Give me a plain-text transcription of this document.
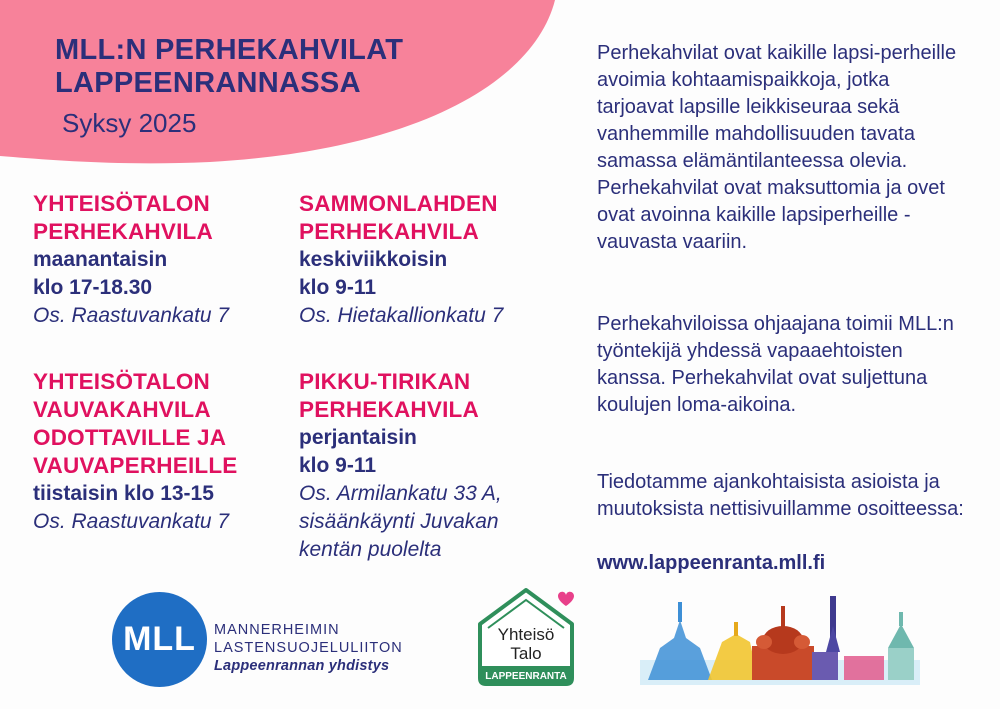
MLL:N PERHEKAHVILAT
LAPPEENRANNASSA
Syksy 2025
YHTEISÖTALON
PERHEKAHVILA
maanantaisin
klo 17-18.30
Os. Raastuvankatu 7
SAMMONLAHDEN
PERHEKAHVILA
keskiviikkoisin
klo 9-11
Os. Hietakallionkatu 7
YHTEISÖTALON
VAUVAKAHVILA
ODOTTAVILLE JA
VAUVAPERHEILLE
tiistaisin klo 13-15
Os. Raastuvankatu 7
PIKKU-TIRIKAN
PERHEKAHVILA
perjantaisin
klo 9-11
Os. Armilankatu 33 A,
sisäänkäynti Juvakan
kentän puolelta

Perhekahvilat ovat kaikille lapsi-perheille avoimia kohtaamispaikkoja, jotka tarjoavat lapsille leikkiseuraa sekä vanhemmille mahdollisuuden tavata samassa elämäntilanteessa olevia. Perhekahvilat ovat maksuttomia ja ovet ovat avoinna kaikille lapsiperheille - vauvasta vaariin.

Perhekahviloissa ohjaajana toimii MLL:n työntekijä yhdessä vapaaehtoisten kanssa. Perhekahvilat ovat suljettuna koulujen loma-aikoina.

Tiedotamme ajankohtaisista asioista ja muutoksista nettisivuillamme osoitteessa:

www.lappeenranta.mll.fi
MLL MANNERHEIMIN
LASTENSUOJELULIITON
Lappeenrannan yhdistys
Yhteisö
Talo
LAPPEENRANTA
